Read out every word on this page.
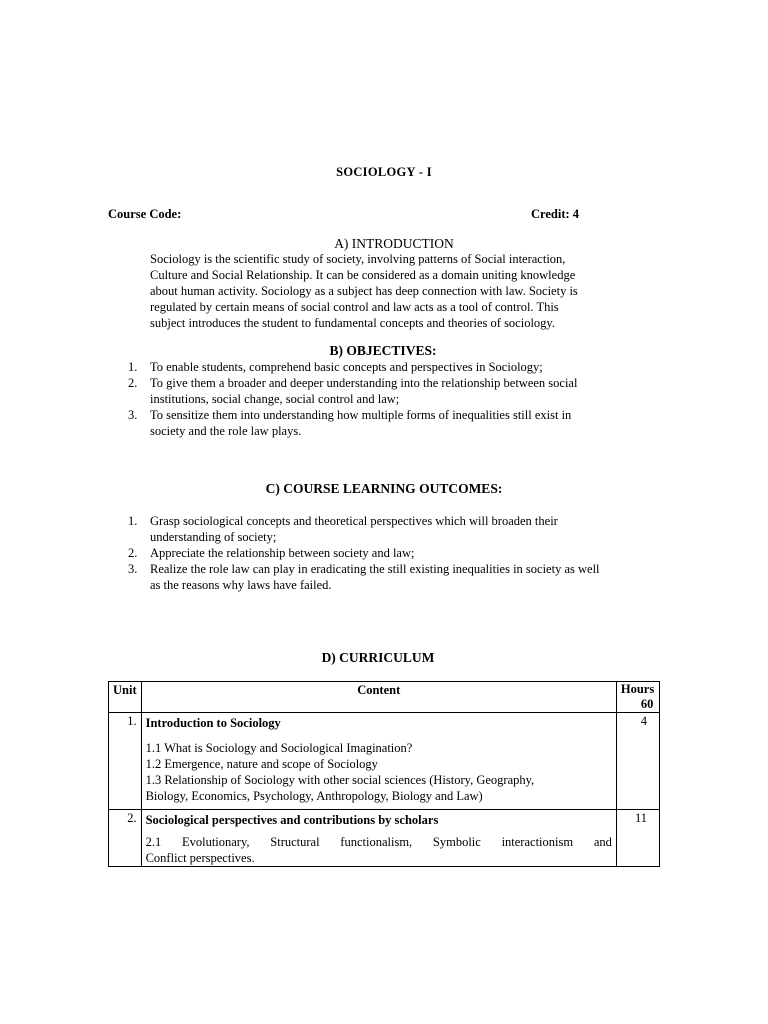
SOCIOLOGY - I
Course Code:	Credit: 4
A) INTRODUCTION
Sociology is the scientific study of society, involving patterns of Social interaction,
Culture and Social Relationship. It can be considered as a domain uniting knowledge
about human activity. Sociology as a subject has deep connection with law. Society is
regulated by certain means of social control and law acts as a tool of control. This
subject introduces the student to fundamental concepts and theories of sociology.
B) OBJECTIVES:
1. To enable students, comprehend basic concepts and perspectives in Sociology;
2. To give them a broader and deeper understanding into the relationship between social
institutions, social change, social control and law;
3. To sensitize them into understanding how multiple forms of inequalities still exist in
society and the role law plays.
C) COURSE LEARNING OUTCOMES:
1. Grasp sociological concepts and theoretical perspectives which will broaden their
understanding of society;
2. Appreciate the relationship between society and law;
3. Realize the role law can play in eradicating the still existing inequalities in society as well
as the reasons why laws have failed.
D) CURRICULUM
Unit	Content	Hours
60

1.	Introduction to Sociology
1.1 What is Sociology and Sociological Imagination?
1.2 Emergence, nature and scope of Sociology
1.3 Relationship of Sociology with other social sciences (History, Geography,
Biology, Economics, Psychology, Anthropology, Biology and Law)	4
2.	Sociological perspectives and contributions by scholars
2.1 Evolutionary, Structural functionalism, Symbolic interactionism and
Conflict perspectives.	11
